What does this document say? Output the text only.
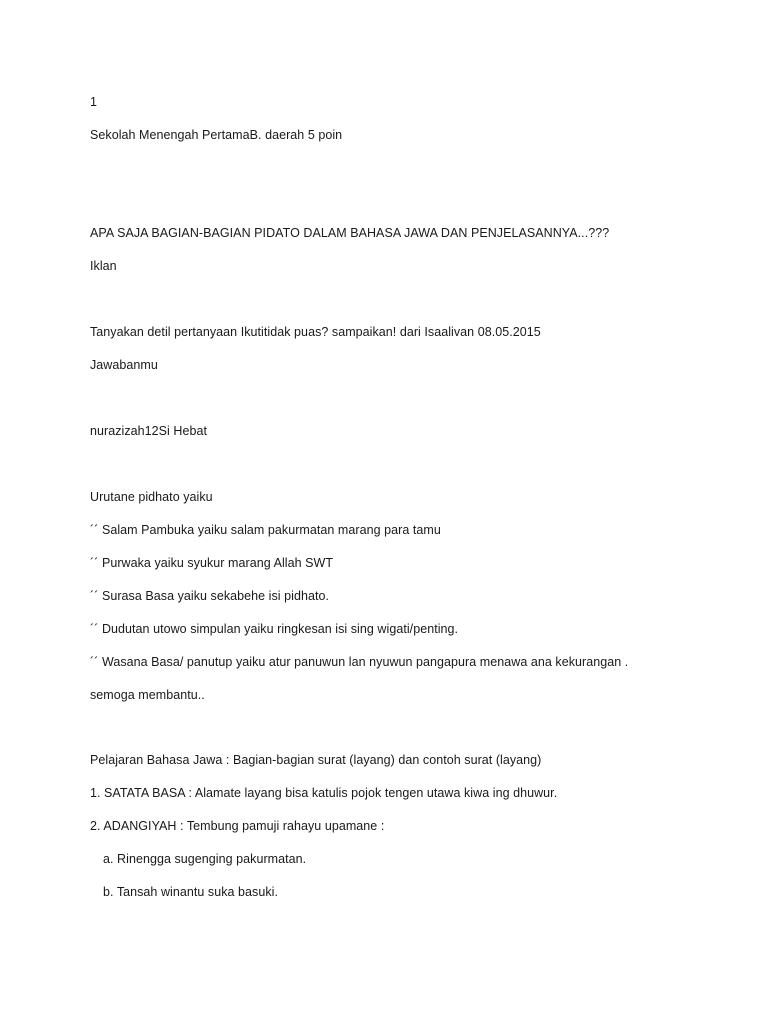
1
Sekolah Menengah PertamaB. daerah 5 poin
APA SAJA BAGIAN-BAGIAN PIDATO DALAM BAHASA JAWA DAN PENJELASANNYA...???
Iklan
Tanyakan detil pertanyaan Ikutitidak puas? sampaikan! dari Isaalivan 08.05.2015
Jawabanmu
nurazizah12Si Hebat
Urutane pidhato yaiku
´´ Salam Pambuka yaiku salam pakurmatan marang para tamu
´´ Purwaka yaiku syukur marang Allah SWT
´´ Surasa Basa yaiku sekabehe isi pidhato.
´´ Dudutan utowo simpulan yaiku ringkesan isi sing wigati/penting.
´´ Wasana Basa/ panutup yaiku atur panuwun lan nyuwun pangapura menawa ana kekurangan .
semoga membantu..
Pelajaran Bahasa Jawa : Bagian-bagian surat (layang) dan contoh surat (layang)
1. SATATA BASA : Alamate layang bisa katulis pojok tengen utawa kiwa ing dhuwur.
2. ADANGIYAH : Tembung pamuji rahayu upamane :
a. Rinengga sugenging pakurmatan.
b. Tansah winantu suka basuki.
